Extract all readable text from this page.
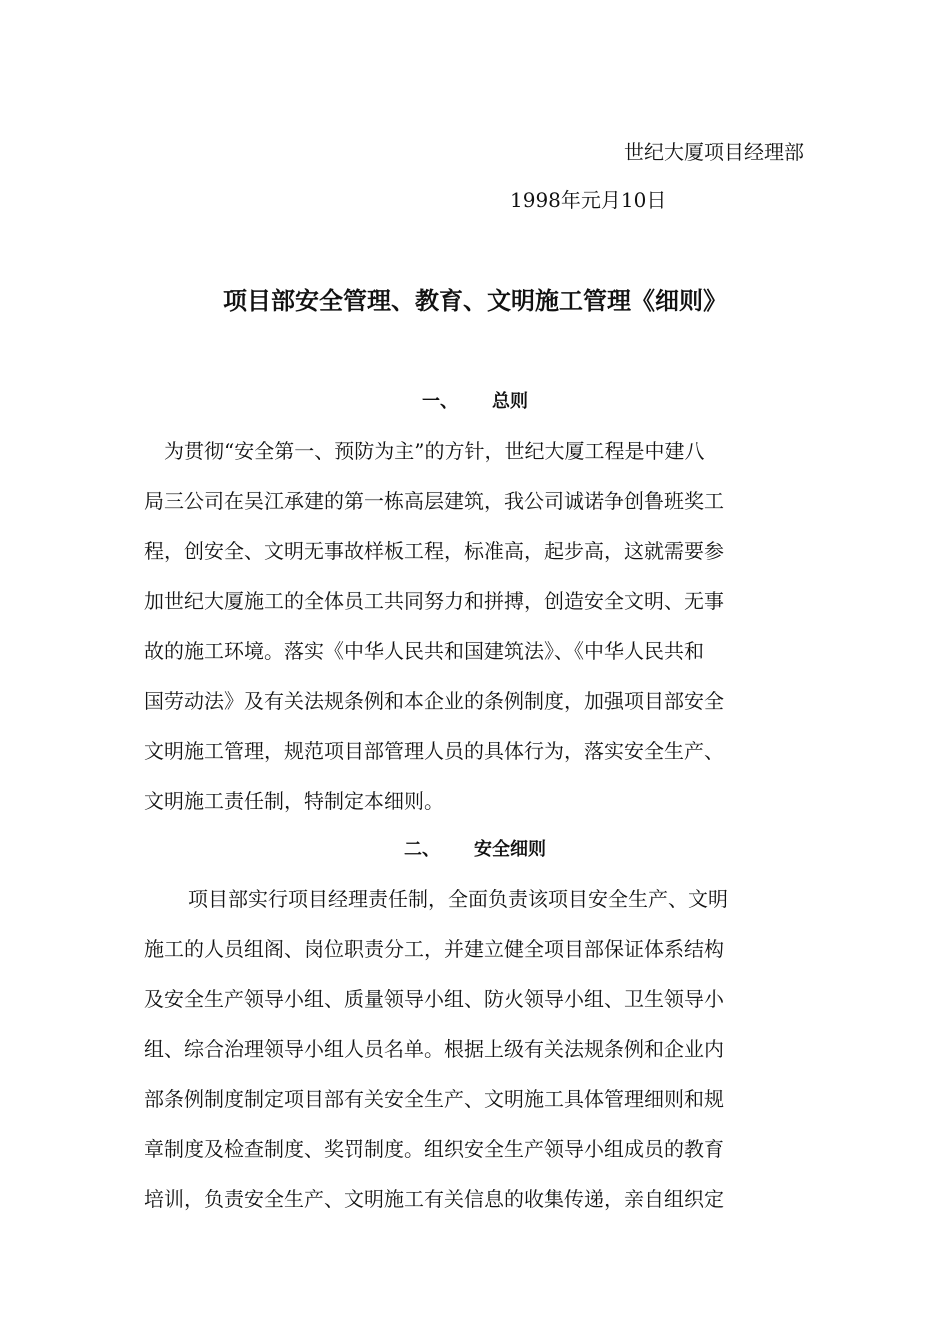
世纪大厦项目经理部
1998年元月10日
项目部安全管理、教育、文明施工管理《细则》
一、 总则
为贯彻“安全第一、预防为主”的方针，世纪大厦工程是中建八
局三公司在吴江承建的第一栋高层建筑，我公司诚诺争创鲁班奖工
程，创安全、文明无事故样板工程，标准高，起步高，这就需要参
加世纪大厦施工的全体员工共同努力和拼搏，创造安全文明、无事
故的施工环境。落实《中华人民共和国建筑法》、《中华人民共和
国劳动法》及有关法规条例和本企业的条例制度，加强项目部安全
文明施工管理，规范项目部管理人员的具体行为，落实安全生产、
文明施工责任制，特制定本细则。
二、 安全细则
项目部实行项目经理责任制，全面负责该项目安全生产、文明
施工的人员组阁、岗位职责分工，并建立健全项目部保证体系结构
及安全生产领导小组、质量领导小组、防火领导小组、卫生领导小
组、综合治理领导小组人员名单。根据上级有关法规条例和企业内
部条例制度制定项目部有关安全生产、文明施工具体管理细则和规
章制度及检查制度、奖罚制度。组织安全生产领导小组成员的教育
培训，负责安全生产、文明施工有关信息的收集传递，亲自组织定
